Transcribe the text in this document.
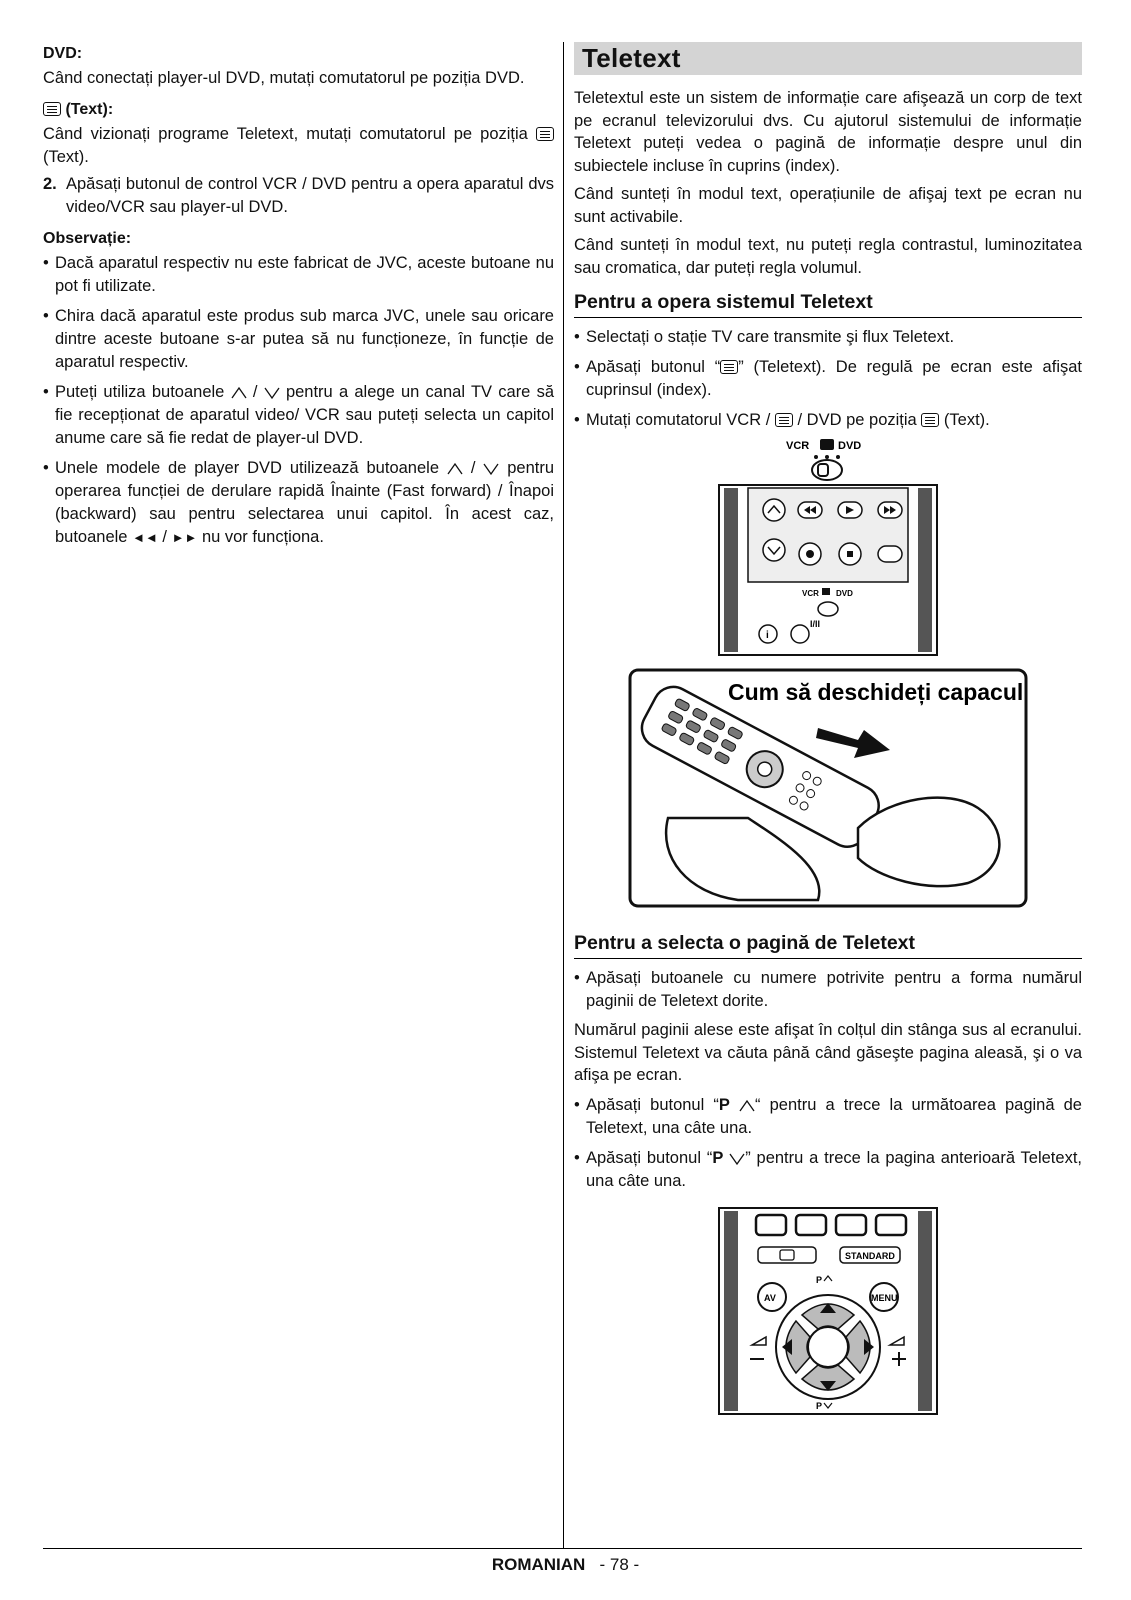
DVD:

Când conectați player-ul DVD, mutați comutatorul pe poziția DVD.

(Text):

Când vizionați programe Teletext, mutați comutatorul pe poziția  (Text).

2. Apăsați butonul de control VCR / DVD pentru a opera aparatul dvs video/VCR sau player-ul DVD.

Observație:

• Dacă aparatul respectiv nu este fabricat de JVC, aceste butoane nu pot fi utilizate.
• Chira dacă aparatul este produs sub marca JVC, unele sau oricare dintre aceste butoane s-ar putea să nu funcționeze, în funcție de aparatul respectiv.
• Puteți utiliza butoanele / pentru a alege un canal TV care să fie recepționat de aparatul video/ VCR sau puteți selecta un capitol anume care să fie redat de player-ul DVD.
• Unele modele de player DVD utilizează butoanele / pentru operarea funcției de derulare rapidă Înainte (Fast forward) / Înapoi (backward) sau pentru selectarea unui capitol. În acest caz, butoanele ◄◄ / ►► nu vor funcționa.
Teletext

Teletextul este un sistem de informație care afişează un corp de text pe ecranul televizorului dvs. Cu ajutorul sistemului de informație Teletext puteți vedea o pagină de informație despre unul din subiectele incluse în cuprins (index).

Când sunteți în modul text, operațiunile de afişaj text pe ecran nu sunt activabile.

Când sunteți în modul text, nu puteți regla contrastul, luminozitatea sau cromatica, dar puteți regla volumul.

Pentru a opera sistemul Teletext
• Selectați o stație TV care transmite şi flux Teletext.
• Apăsați butonul “ ” (Teletext). De regulă pe ecran este afişat cuprinsul (index).
• Mutați comutatorul VCR / / DVD pe poziția (Text).
VCR	DVD
VCR DVD
i
I/II
Cum să deschideți capacul
Pentru a selecta o pagină de Teletext
• Apăsați butoanele cu numere potrivite pentru a forma numărul paginii de Teletext dorite.

Numărul paginii alese este afişat în colțul din stânga sus al ecranului. Sistemul Teletext va căuta până când găseşte pagina aleasă, şi o va afişa pe ecran.

• Apăsați butonul “P “ pentru a trece la următoarea pagină de Teletext, una câte una.
• Apăsați butonul “P ” pentru a trece la pagina anterioară Teletext, una câte una.
STANDARD
P
AV	MENU
P
ROMANIAN - 78 -
